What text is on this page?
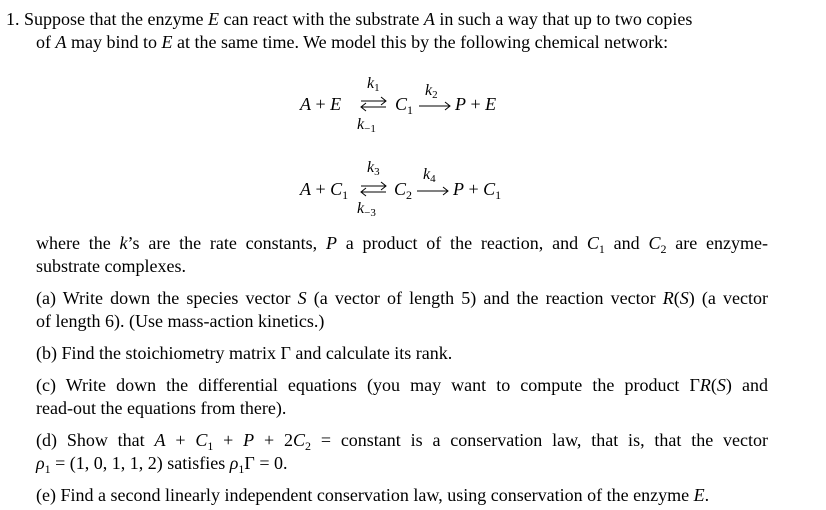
1. Suppose that the enzyme E can react with the substrate A in such a way that up to two copies
of A may bind to E at the same time. We model this by the following chemical network:
A + E
$k_1$
$k_{-1}$
$C_1$
$k_2 \to P + E$
$A + C_1$
$k_3$
$k_{-3}$
$C_2$
$k_4 \to P + C_1$
where the k’s are the rate constants, P a product of the reaction, and $C_1$ and $C_2$ are enzyme-
substrate complexes.
(a) Write down the species vector S (a vector of length 5) and the reaction vector R(S) (a vector
of length 6). (Use mass-action kinetics.)
(b) Find the stoichiometry matrix Γ and calculate its rank.
(c) Write down the differential equations (you may want to compute the product ΓR(S) and
read-out the equations from there).
(d) Show that $A + C_1 + P + 2C_2$ = constant is a conservation law, that is, that the vector
$\rho_1 = (1$, 0, 1, 1, 2) satisfies $\rho_1\Gamma = 0$.
(e) Find a second linearly independent conservation law, using conservation of the enzyme E.
